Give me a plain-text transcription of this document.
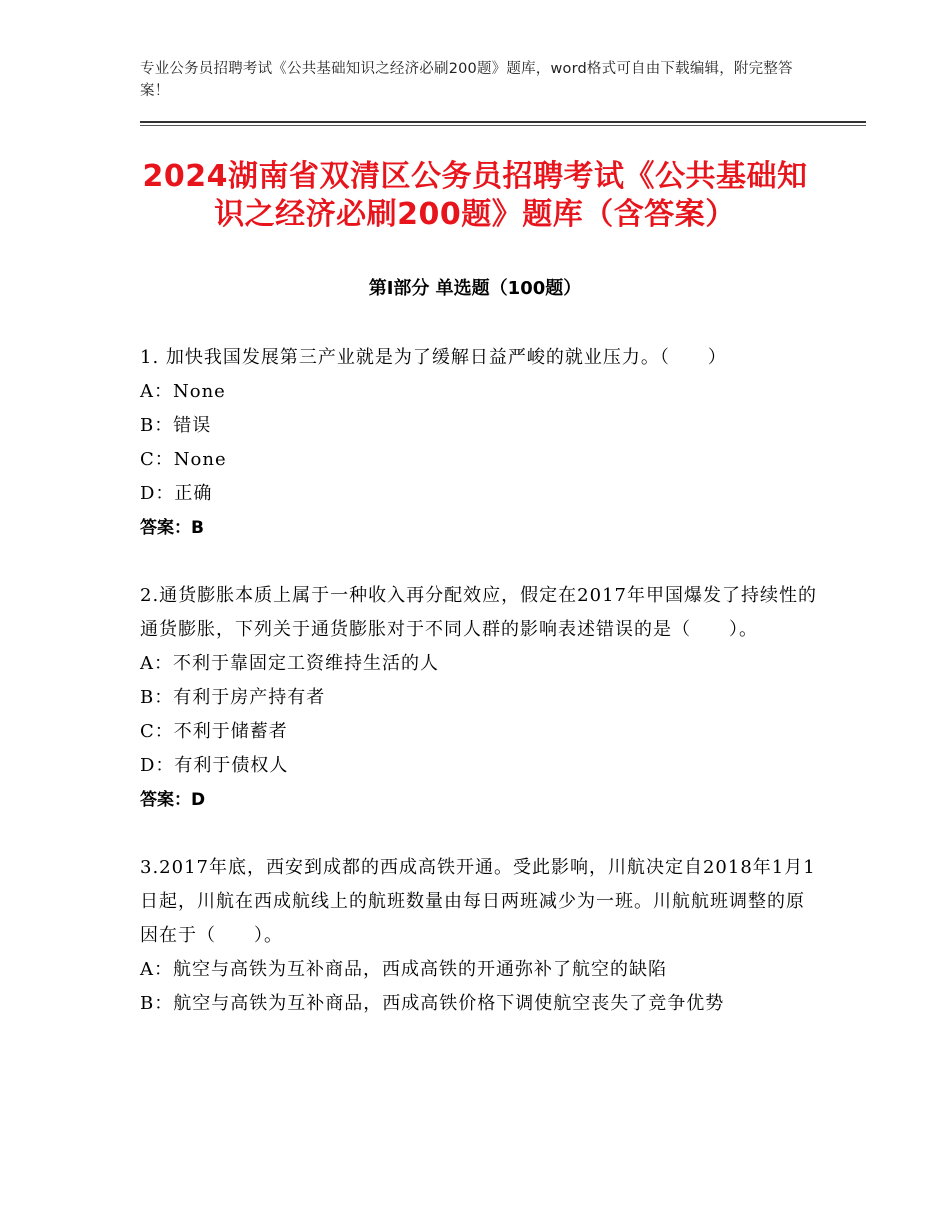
专业公务员招聘考试《公共基础知识之经济必刷200题》题库，word格式可自由下载编辑，附完整答案！
2024湖南省双清区公务员招聘考试《公共基础知识之经济必刷200题》题库（含答案）
第Ⅰ部分 单选题（100题）

1. 加快我国发展第三产业就是为了缓解日益严峻的就业压力。（　　）

A：None

B：错误

C：None

D：正确

答案：B

2.通货膨胀本质上属于一种收入再分配效应，假定在2017年甲国爆发了持续性的通货膨胀，下列关于通货膨胀对于不同人群的影响表述错误的是（　　）。

A：不利于靠固定工资维持生活的人

B：有利于房产持有者

C：不利于储蓄者

D：有利于债权人

答案：D

3.2017年底，西安到成都的西成高铁开通。受此影响，川航决定自2018年1月1日起，川航在西成航线上的航班数量由每日两班减少为一班。川航航班调整的原因在于（　　）。

A：航空与高铁为互补商品，西成高铁的开通弥补了航空的缺陷

B：航空与高铁为互补商品，西成高铁价格下调使航空丧失了竞争优势
